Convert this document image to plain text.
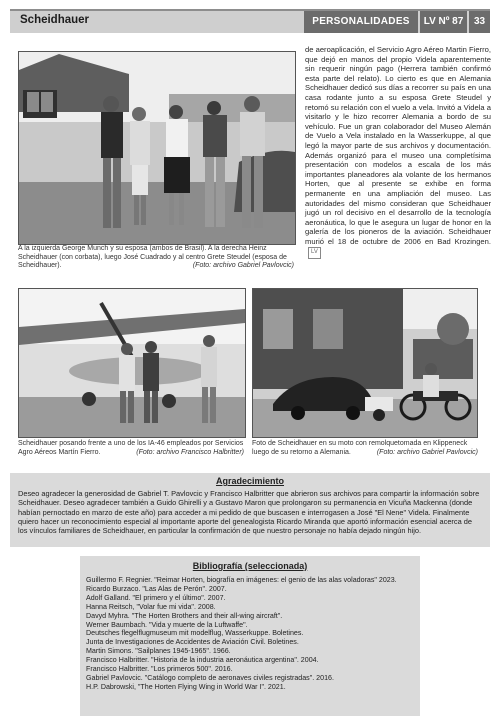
Scheidhauer	PERSONALIDADES	LV Nº 87	33
A la izquierda George Munch y su esposa (ambos de Brasil). A la derecha Heinz Scheidhauer (con corbata), luego José Cuadrado y al centro Grete Steudel (esposa de Scheidhauer).	(Foto: archivo Gabriel Pavlovcic)
de aeroaplicación, el Servicio Agro Aéreo Martin Fierro, que dejó en manos del propio Videla aparentemente sin requerir ningún pago (Herrera también confirmó esta parte del relato). Lo cierto es que en Alemania Scheidhauer dedicó sus días a recorrer su país en una casa rodante junto a su esposa Grete Steudel y retomó su relación con el vuelo a vela. Invitó a Videla a visitarlo y le hizo recorrer Alemania a bordo de su vehículo. Fue un gran colaborador del Museo Alemán de Vuelo a Vela instalado en la Wasserkuppe, al que legó la mayor parte de sus archivos y documentación. Además organizó para el museo una completísima presentación con modelos a escala de los más importantes planeadores ala volante de los hermanos Horten, que al presente se exhibe en forma permanente en una ampliación del museo. Las autoridades del mismo consideran que Scheidhauer jugó un rol decisivo en el desarrollo de la tecnología aeronáutica, lo que le asegura un lugar de honor en la galería de los pioneros de la aviación. Scheidhauer murió el 18 de octubre de 2006 en Bad Krozingen. LV
Scheidhauer posando frente a uno de los IA-46 empleados por Servicios Agro Aéreos Martín Fierro.	(Foto: archivo Francisco Halbritter)
Foto de Scheidhauer en su moto con remolquetomada en Klippeneck luego de su retorno a Alemania.	(Foto: archivo Gabriel Pavlovcic)
Agradecimiento
Deseo agradecer la generosidad de Gabriel T. Pavlovcic y Francisco Halbritter que abrieron sus archivos para compartir la información sobre Scheidhauer. Deseo agradecer también a Guido Ghirelli y a Gustavo Maron que prolongaron su permanencia en Vicuña Mackenna (donde habían pernoctado en marzo de este año) para acceder a mi pedido de que buscasen e interrogasen a José "El Nene" Videla. Finalmente quiero hacer un reconocimiento especial al importante aporte del genealogista Ricardo Miranda que aportó información esencial acerca de los vínculos familiares de Scheidhauer, en particular la confirmación de que nuestro personaje no había dejado ningún hijo.
Bibliografía (seleccionada)
Guillermo F. Regnier. "Reimar Horten, biografía en imágenes: el genio de las alas voladoras" 2023.
Ricardo Burzaco. "Las Alas de Perón". 2007.
Adolf Galland. "El primero y el último". 2007.
Hanna Reitsch, "Volar fue mi vida". 2008.
Davyd Myhra. "The Horten Brothers and their all-wing aircraft".
Werner Baumbach. "Vida y muerte de la Luftwaffe".
Deutsches flegelflugmuseum mit modelflug, Wasserkuppe. Boletines.
Junta de Investigaciones de Accidentes de Aviación Civil. Boletines.
Martin Simons. "Sailplanes 1945-1965". 1966.
Francisco Halbritter. "Historia de la industria aeronáutica argentina". 2004.
Francisco Halbritter. "Los primeros 500". 2016.
Gabriel Pavlovcic. "Catálogo completo de aeronaves civiles registradas". 2016.
H.P. Dabrowski, "The Horten Flying Wing in World War I". 2021.
